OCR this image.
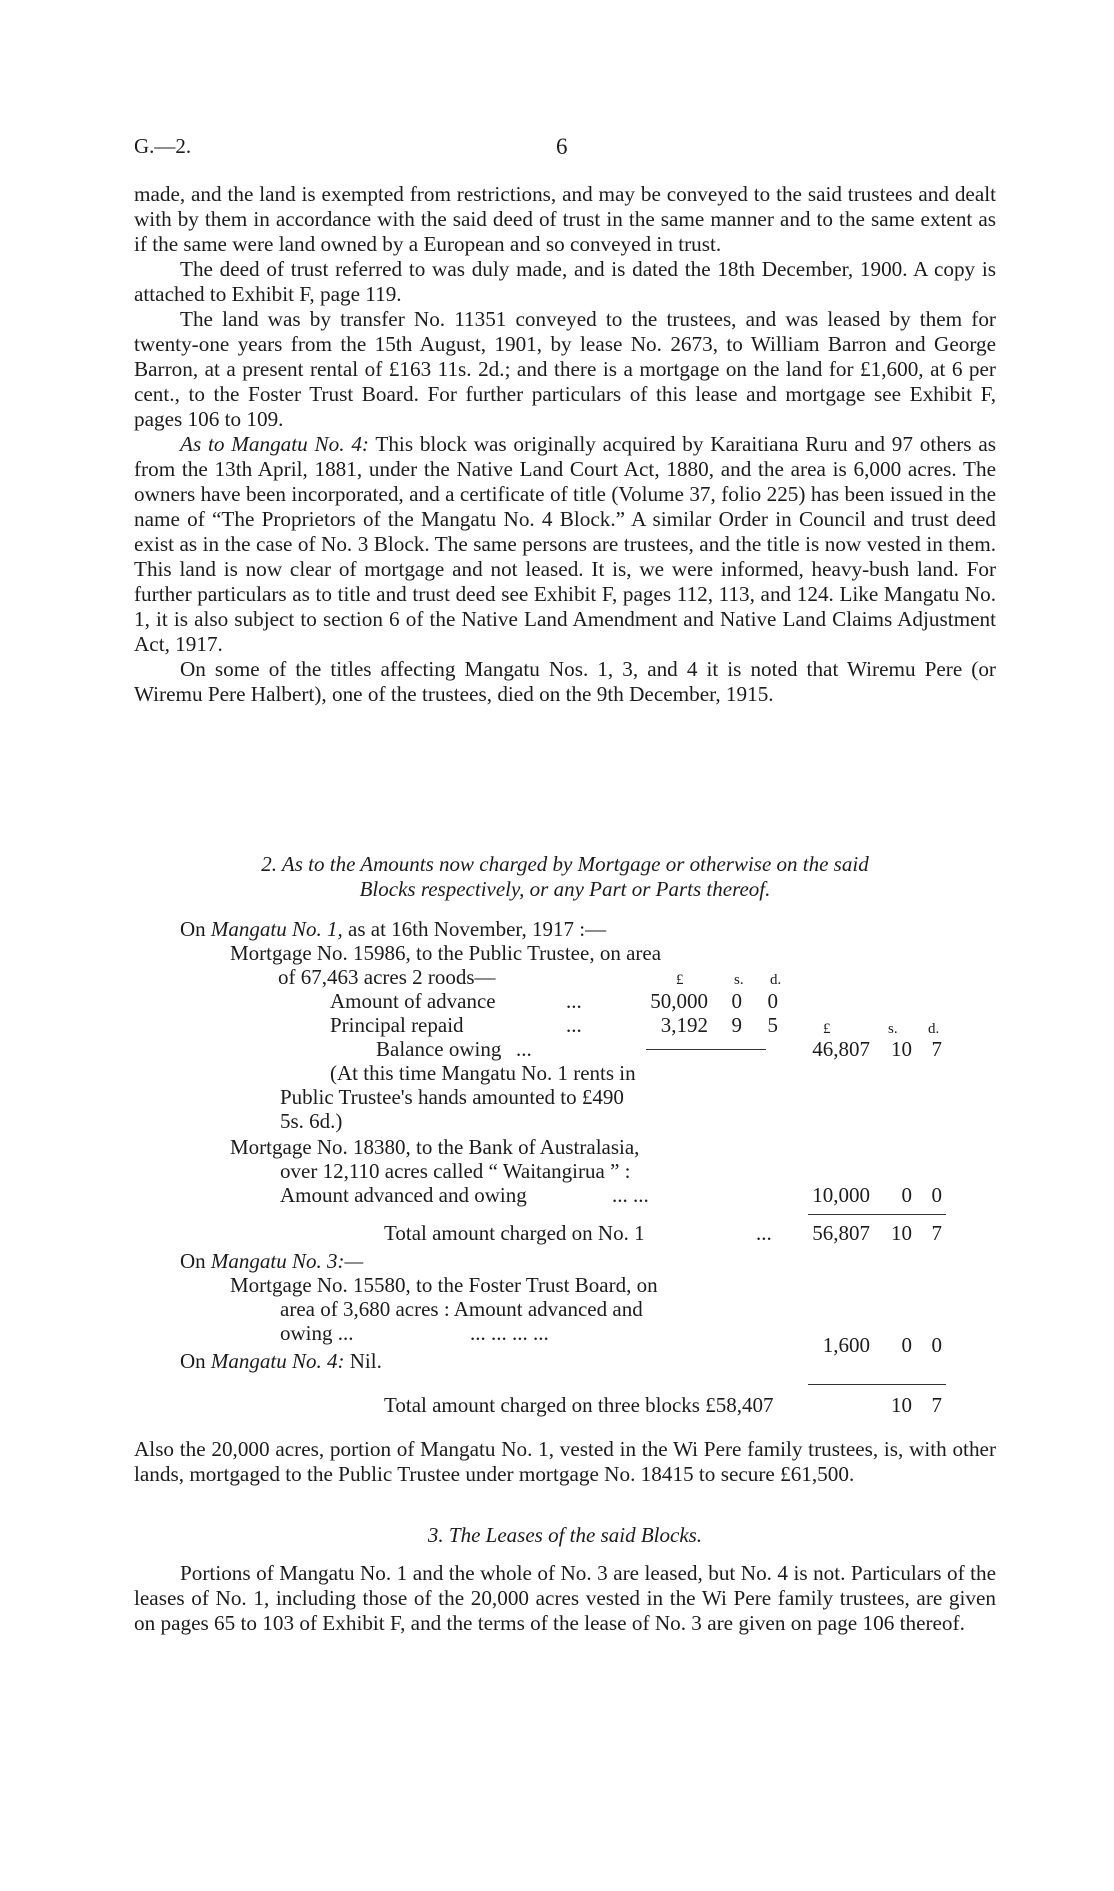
G.—2.	6

made, and the land is exempted from restrictions, and may be conveyed to the said trustees and dealt with by them in accordance with the said deed of trust in the same manner and to the same extent as if the same were land owned by a European and so conveyed in trust.

The deed of trust referred to was duly made, and is dated the 18th December, 1900. A copy is attached to Exhibit F, page 119.

The land was by transfer No. 11351 conveyed to the trustees, and was leased by them for twenty-one years from the 15th August, 1901, by lease No. 2673, to William Barron and George Barron, at a present rental of £163 11s. 2d.; and there is a mortgage on the land for £1,600, at 6 per cent., to the Foster Trust Board. For further particulars of this lease and mortgage see Exhibit F, pages 106 to 109.

As to Mangatu No. 4: This block was originally acquired by Karaitiana Ruru and 97 others as from the 13th April, 1881, under the Native Land Court Act, 1880, and the area is 6,000 acres. The owners have been incorporated, and a certificate of title (Volume 37, folio 225) has been issued in the name of “The Proprietors of the Mangatu No. 4 Block.” A similar Order in Council and trust deed exist as in the case of No. 3 Block. The same persons are trustees, and the title is now vested in them. This land is now clear of mortgage and not leased. It is, we were informed, heavy-bush land. For further particulars as to title and trust deed see Exhibit F, pages 112, 113, and 124. Like Mangatu No. 1, it is also subject to section 6 of the Native Land Amendment and Native Land Claims Adjustment Act, 1917.

On some of the titles affecting Mangatu Nos. 1, 3, and 4 it is noted that Wiremu Pere (or Wiremu Pere Halbert), one of the trustees, died on the 9th December, 1915.

2. As to the Amounts now charged by Mortgage or otherwise on the said
Blocks respectively, or any Part or Parts thereof.
On Mangatu No. 1, as at 16th November, 1917 :—
Mortgage No. 15986, to the Public Trustee, on area
of 67,463 acres 2 roods—	£	s. d.
Amount of advance	...	50,000 0 0
Principal repaid	...	3,192 9 5	£	s. d.
Balance owing ...	46,807 10 7
(At this time Mangatu No. 1 rents in
Public Trustee's hands amounted to £490
5s. 6d.)
Mortgage No. 18380, to the Bank of Australasia,
over 12,110 acres called “ Waitangirua ” :
Amount advanced and owing	... ...	10,000 0 0
Total amount charged on No. 1	... 56,807 10 7
On Mangatu No. 3:—
Mortgage No. 15580, to the Foster Trust Board, on
area of 3,680 acres : Amount advanced and
owing ...	... ... ... ...	1,600 0 0
On Mangatu No. 4: Nil.
Total amount charged on three blocks £58,407	10 7

Also the 20,000 acres, portion of Mangatu No. 1, vested in the Wi Pere family trustees, is, with other lands, mortgaged to the Public Trustee under mortgage No. 18415 to secure £61,500.

3. The Leases of the said Blocks.

Portions of Mangatu No. 1 and the whole of No. 3 are leased, but No. 4 is not. Particulars of the leases of No. 1, including those of the 20,000 acres vested in the Wi Pere family trustees, are given on pages 65 to 103 of Exhibit F, and the terms of the lease of No. 3 are given on page 106 thereof.
